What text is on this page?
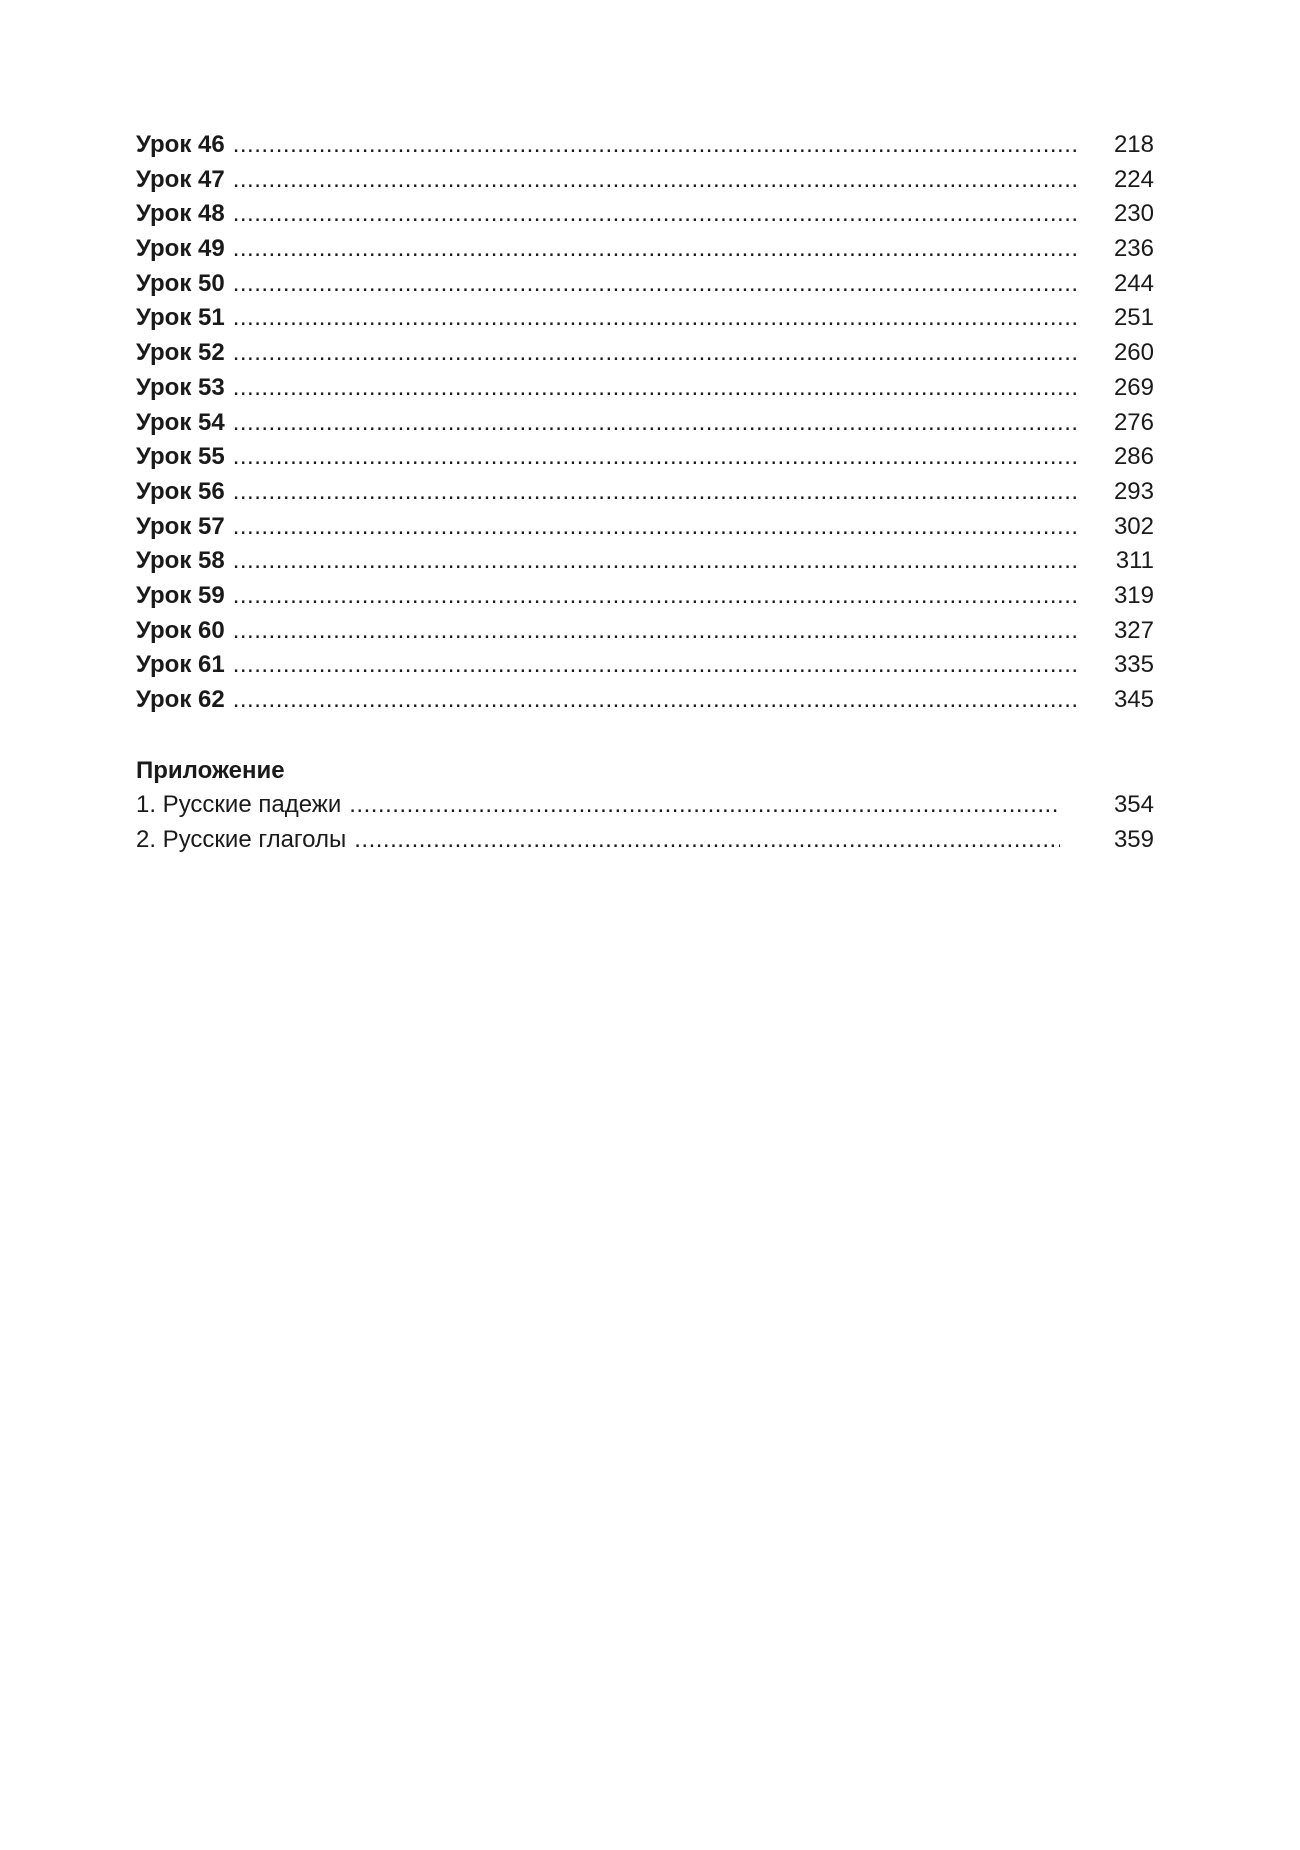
Урок 46 .....	218
Урок 47 .....	224
Урок 48 .....	230
Урок 49 .....	236
Урок 50 .....	244
Урок 51 .....	251
Урок 52 .....	260
Урок 53 .....	269
Урок 54 .....	276
Урок 55 .....	286
Урок 56 .....	293
Урок 57 .....	302
Урок 58 .....	311
Урок 59 .....	319
Урок 60 .....	327
Урок 61 .....	335
Урок 62 .....	345
Приложение
1. Русские падежи .....	354
2. Русские глаголы .....	359
